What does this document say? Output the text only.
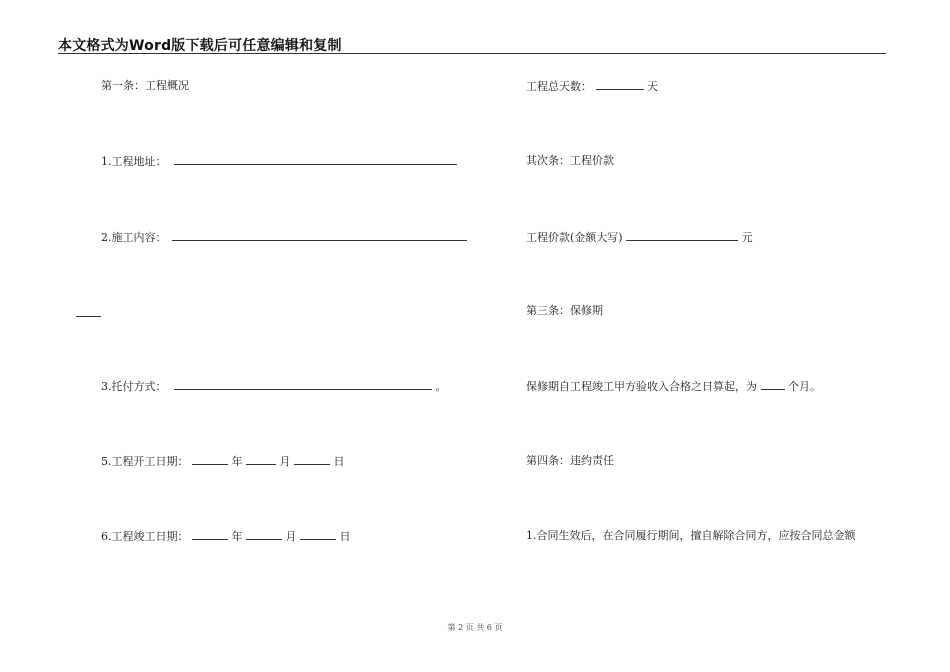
本文格式为Word版下载后可任意编辑和复制
第一条：工程概况
1.工程地址：
2.施工内容：
3.托付方式：	。
5.工程开工日期：	年	月	日
6.工程竣工日期：	年	月	日
工程总天数：	天
其次条：工程价款
工程价款(金额大写)	元
第三条：保修期
保修期自工程竣工甲方验收入合格之日算起，为	个月。
第四条：违约责任
1.合同生效后，在合同履行期间，擅自解除合同方，应按合同总金额
第 2 页 共 6 页
